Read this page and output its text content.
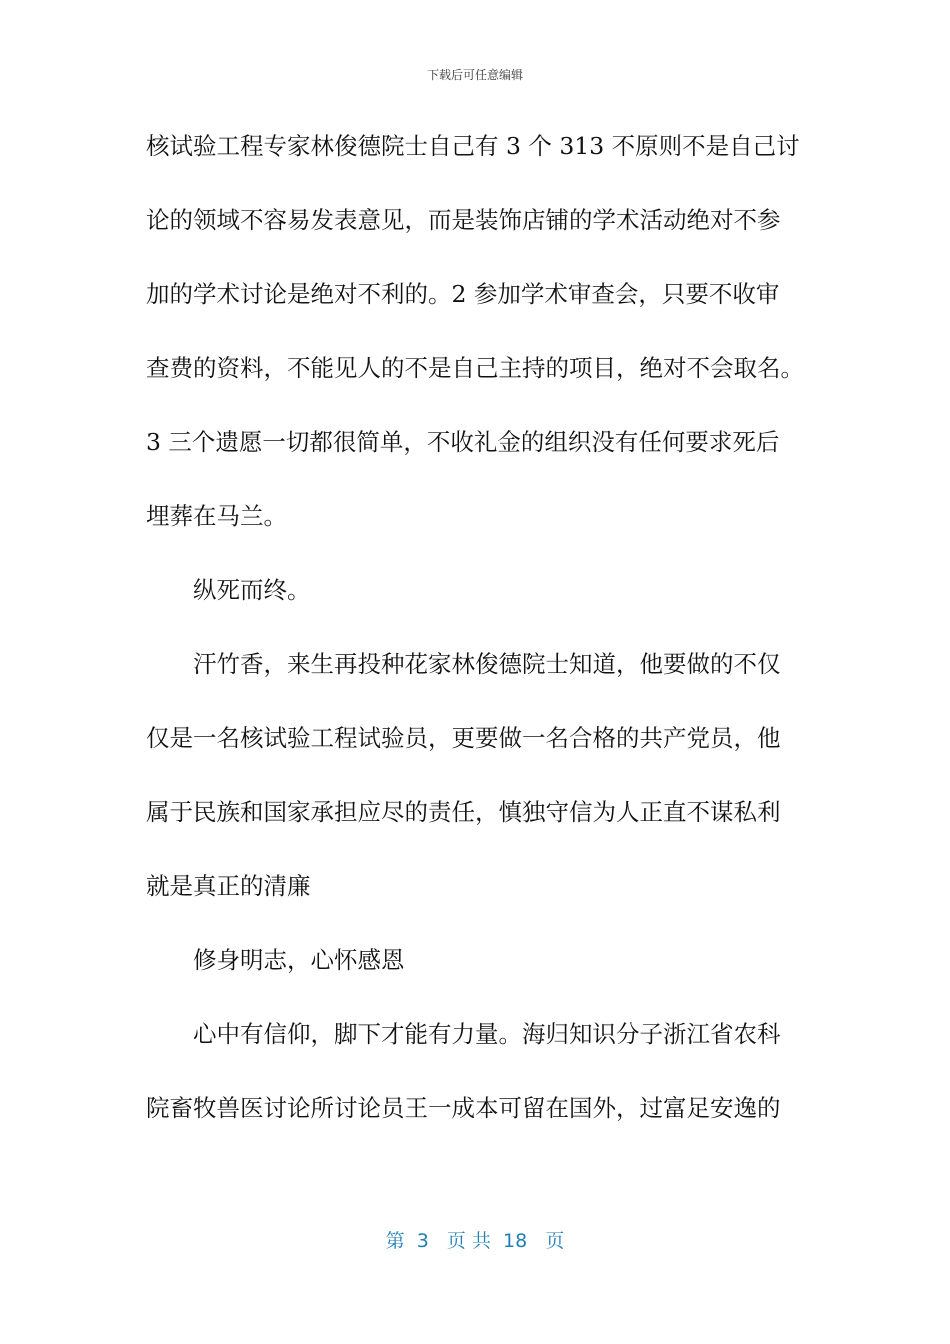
下载后可任意编辑
核试验工程专家林俊德院士自己有 3 个 313 不原则不是自己讨
论的领域不容易发表意见，而是装饰店铺的学术活动绝对不参
加的学术讨论是绝对不利的。2 参加学术审查会，只要不收审
查费的资料，不能见人的不是自己主持的项目，绝对不会取名。
3 三个遗愿一切都很简单，不收礼金的组织没有任何要求死后
埋葬在马兰。
纵死而终。
汗竹香，来生再投种花家林俊德院士知道，他要做的不仅
仅是一名核试验工程试验员，更要做一名合格的共产党员，他
属于民族和国家承担应尽的责任，慎独守信为人正直不谋私利
就是真正的清廉
修身明志，心怀感恩
心中有信仰，脚下才能有力量。海归知识分子浙江省农科
院畜牧兽医讨论所讨论员王一成本可留在国外，过富足安逸的
第  3   页 共  18   页
